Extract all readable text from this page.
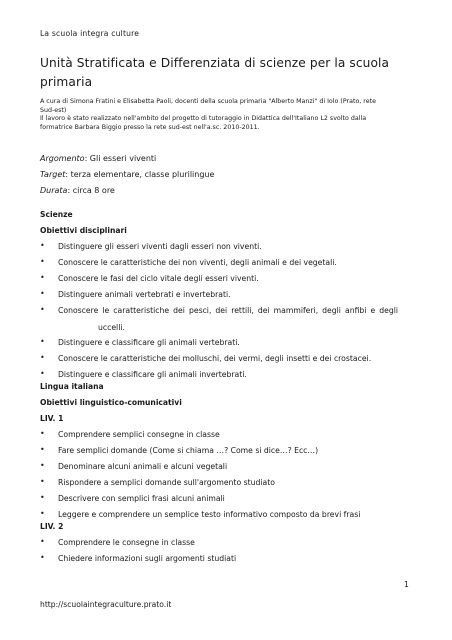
La scuola integra culture
Unità Stratificata e Differenziata di scienze per la scuola primaria
A cura di Simona Fratini e Elisabetta Paoli, docenti della scuola primaria "Alberto Manzi" di Iolo (Prato, rete
Sud-est)
Il lavoro è stato realizzato nell'ambito del progetto di tutoraggio in Didattica dell'Italiano L2 svolto dalla
formatrice Barbara Biggio presso la rete sud-est nell'a.sc. 2010-2011.
Argomento: Gli esseri viventi
Target: terza elementare, classe plurilingue
Durata: circa 8 ore
Scienze
Obiettivi disciplinari
• Distinguere gli esseri viventi dagli esseri non viventi.
• Conoscere le caratteristiche dei non viventi, degli animali e dei vegetali.
• Conoscere le fasi del ciclo vitale degli esseri viventi.
• Distinguere animali vertebrati e invertebrati.
• Conoscere le caratteristiche dei pesci, dei rettili, dei mammiferi, degli anfibi e degli
uccelli.
• Distinguere e classificare gli animali vertebrati.
• Conoscere le caratteristiche dei molluschi, dei vermi, degli insetti e dei crostacei.
• Distinguere e classificare gli animali invertebrati.
Lingua italiana
Obiettivi linguistico-comunicativi
LIV. 1
• Comprendere semplici consegne in classe
• Fare semplici domande (Come si chiama …? Come si dice…? Ecc…)
• Denominare alcuni animali e alcuni vegetali
• Rispondere a semplici domande sull'argomento studiato
• Descrivere con semplici frasi alcuni animali
• Leggere e comprendere un semplice testo informativo composto da brevi frasi
LIV. 2
• Comprendere le consegne in classe
• Chiedere informazioni sugli argomenti studiati
1
http://scuolaintegraculture.prato.it
